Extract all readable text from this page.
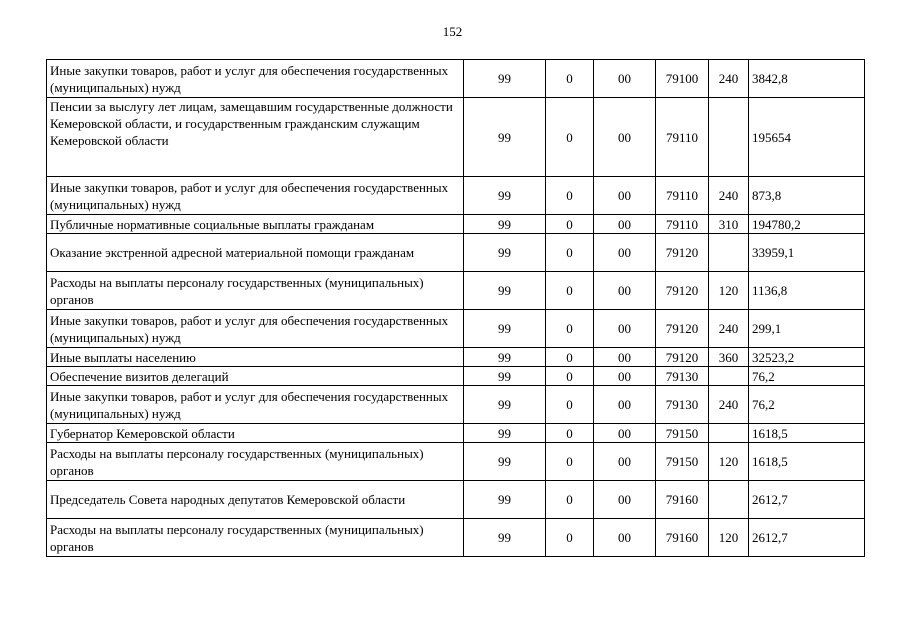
152
Иные закупки товаров, работ и услуг для обеспечения государственных (муниципальных) нужд	99	0	00	79100	240	3842,8
Пенсии за выслугу лет лицам, замещавшим государственные должности Кемеровской области, и государственным гражданским служащим Кемеровской области	99	0	00	79110		195654
Иные закупки товаров, работ и услуг для обеспечения государственных (муниципальных) нужд	99	0	00	79110	240	873,8
Публичные нормативные социальные выплаты гражданам	99	0	00	79110	310	194780,2
Оказание экстренной адресной материальной помощи гражданам	99	0	00	79120		33959,1
Расходы на выплаты персоналу государственных (муниципальных) органов	99	0	00	79120	120	1136,8
Иные закупки товаров, работ и услуг для обеспечения государственных (муниципальных) нужд	99	0	00	79120	240	299,1
Иные выплаты населению	99	0	00	79120	360	32523,2
Обеспечение визитов делегаций	99	0	00	79130		76,2
Иные закупки товаров, работ и услуг для обеспечения государственных (муниципальных) нужд	99	0	00	79130	240	76,2
Губернатор Кемеровской области	99	0	00	79150		1618,5
Расходы на выплаты персоналу государственных (муниципальных) органов	99	0	00	79150	120	1618,5
Председатель Совета народных депутатов Кемеровской области	99	0	00	79160		2612,7
Расходы на выплаты персоналу государственных (муниципальных) органов	99	0	00	79160	120	2612,7
